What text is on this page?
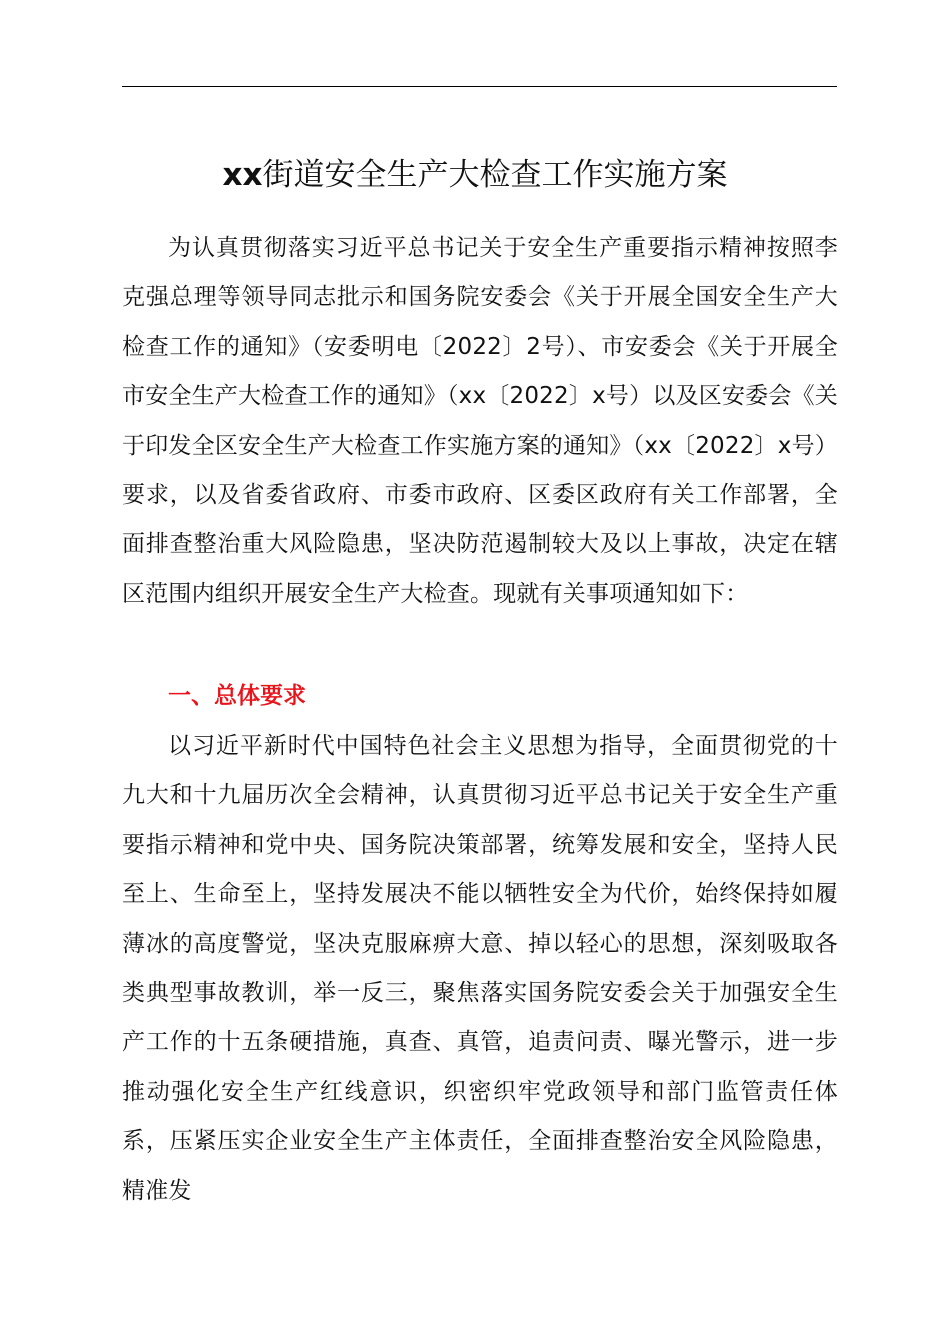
xx街道安全生产大检查工作实施方案

为认真贯彻落实习近平总书记关于安全生产重要指示精神按照李克强总理等领导同志批示和国务院安委会《关于开展全国安全生产大检查工作的通知》（安委明电〔2022〕2号）、市安委会《关于开展全市安全生产大检查工作的通知》（xx〔2022〕x号）以及区安委会《关于印发全区安全生产大检查工作实施方案的通知》（xx〔2022〕x号）要求，以及省委省政府、市委市政府、区委区政府有关工作部署，全面排查整治重大风险隐患，坚决防范遏制较大及以上事故，决定在辖区范围内组织开展安全生产大检查。现就有关事项通知如下：

一、总体要求

以习近平新时代中国特色社会主义思想为指导，全面贯彻党的十九大和十九届历次全会精神，认真贯彻习近平总书记关于安全生产重要指示精神和党中央、国务院决策部署，统筹发展和安全，坚持人民至上、生命至上，坚持发展决不能以牺牲安全为代价，始终保持如履薄冰的高度警觉，坚决克服麻痹大意、掉以轻心的思想，深刻吸取各类典型事故教训，举一反三，聚焦落实国务院安委会关于加强安全生产工作的十五条硬措施，真查、真管，追责问责、曝光警示，进一步推动强化安全生产红线意识，织密织牢党政领导和部门监管责任体系，压紧压实企业安全生产主体责任，全面排查整治安全风险隐患，精准发
